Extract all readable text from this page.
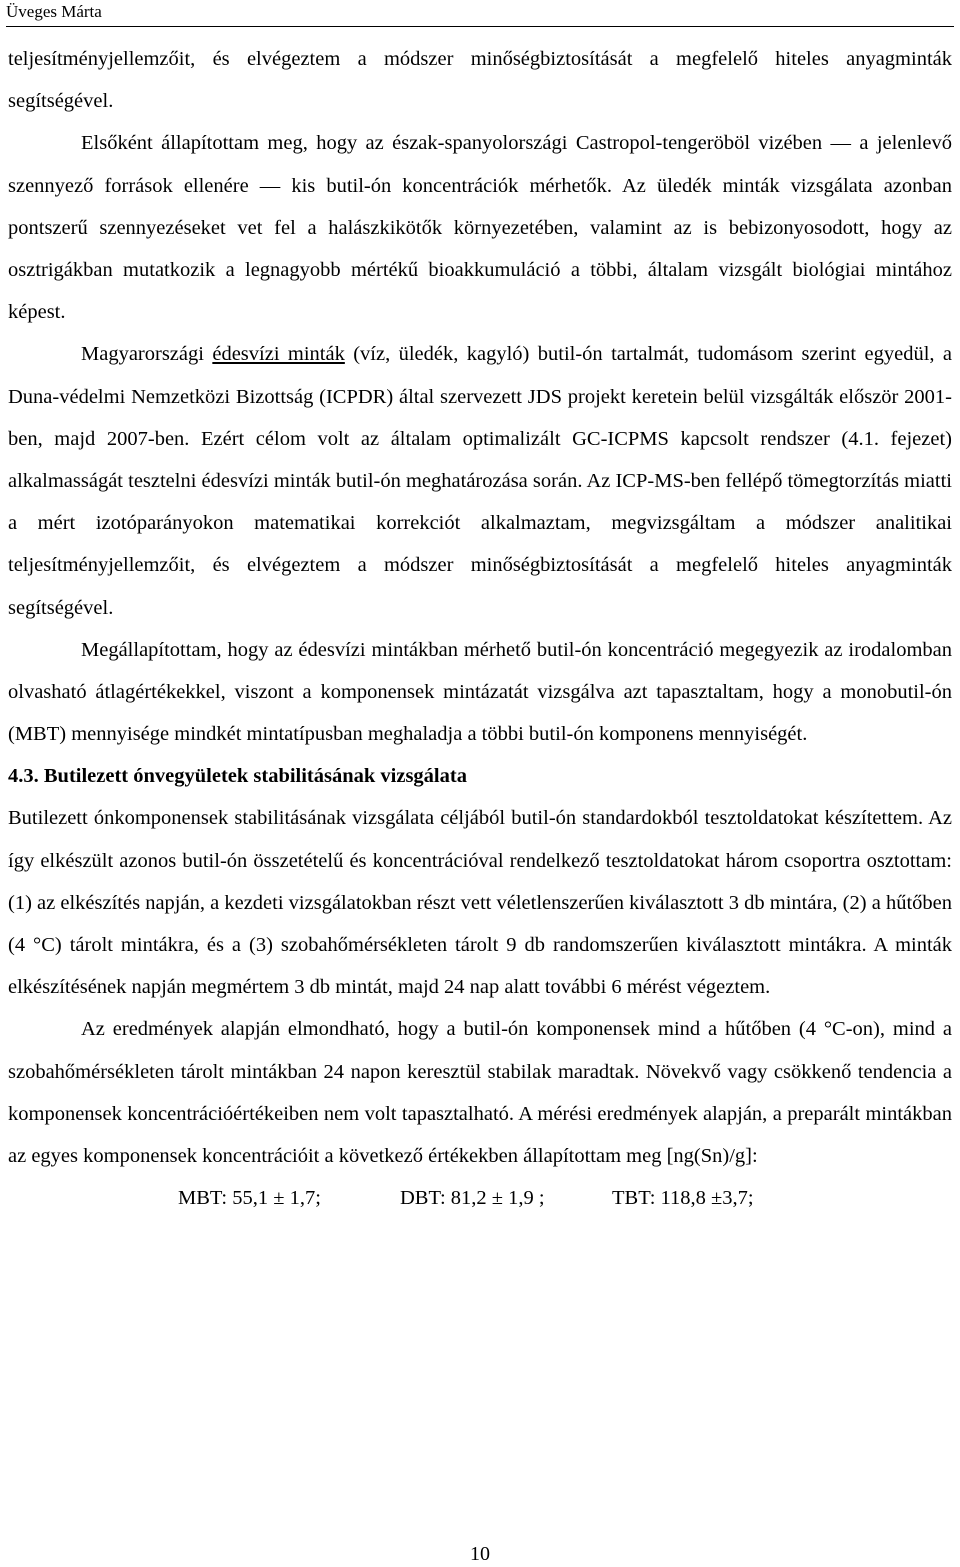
Üveges Márta

teljesítményjellemzőit, és elvégeztem a módszer minőségbiztosítását a megfelelő hiteles anyagminták segítségével.

Elsőként állapítottam meg, hogy az észak-spanyolországi Castropol-tengeröböl vizében — a jelenlevő szennyező források ellenére — kis butil-ón koncentrációk mérhetők. Az üledék minták vizsgálata azonban pontszerű szennyezéseket vet fel a halászkikötők környezetében, valamint az is bebizonyosodott, hogy az osztrigákban mutatkozik a legnagyobb mértékű bioakkumuláció a többi, általam vizsgált biológiai mintához képest.

Magyarországi édesvízi minták (víz, üledék, kagyló) butil-ón tartalmát, tudomásom szerint egyedül, a Duna-védelmi Nemzetközi Bizottság (ICPDR) által szervezett JDS projekt keretein belül vizsgálták először 2001-ben, majd 2007-ben. Ezért célom volt az általam optimalizált GC-ICPMS kapcsolt rendszer (4.1. fejezet) alkalmasságát tesztelni édesvízi minták butil-ón meghatározása során. Az ICP-MS-ben fellépő tömegtorzítás miatti a mért izotóparányokon matematikai korrekciót alkalmaztam, megvizsgáltam a módszer analitikai teljesítményjellemzőit, és elvégeztem a módszer minőségbiztosítását a megfelelő hiteles anyagminták segítségével.

Megállapítottam, hogy az édesvízi mintákban mérhető butil-ón koncentráció megegyezik az irodalomban olvasható átlagértékekkel, viszont a komponensek mintázatát vizsgálva azt tapasztaltam, hogy a monobutil-ón (MBT) mennyisége mindkét mintatípusban meghaladja a többi butil-ón komponens mennyiségét.

4.3. Butilezett ónvegyületek stabilitásának vizsgálata

Butilezett ónkomponensek stabilitásának vizsgálata céljából butil-ón standardokból tesztoldatokat készítettem. Az így elkészült azonos butil-ón összetételű és koncentrációval rendelkező tesztoldatokat három csoportra osztottam: (1) az elkészítés napján, a kezdeti vizsgálatokban részt vett véletlenszerűen kiválasztott 3 db mintára, (2) a hűtőben (4 °C) tárolt mintákra, és a (3) szobahőmérsékleten tárolt 9 db randomszerűen kiválasztott mintákra. A minták elkészítésének napján megmértem 3 db mintát, majd 24 nap alatt további 6 mérést végeztem.

Az eredmények alapján elmondható, hogy a butil-ón komponensek mind a hűtőben (4 °C-on), mind a szobahőmérsékleten tárolt mintákban 24 napon keresztül stabilak maradtak. Növekvő vagy csökkenő tendencia a komponensek koncentrációértékeiben nem volt tapasztalható. A mérési eredmények alapján, a preparált mintákban az egyes komponensek koncentrációit a következő értékekben állapítottam meg [ng(Sn)/g]:

MBT: 55,1 ± 1,7;	DBT: 81,2 ± 1,9 ;	TBT: 118,8 ±3,7;
10
